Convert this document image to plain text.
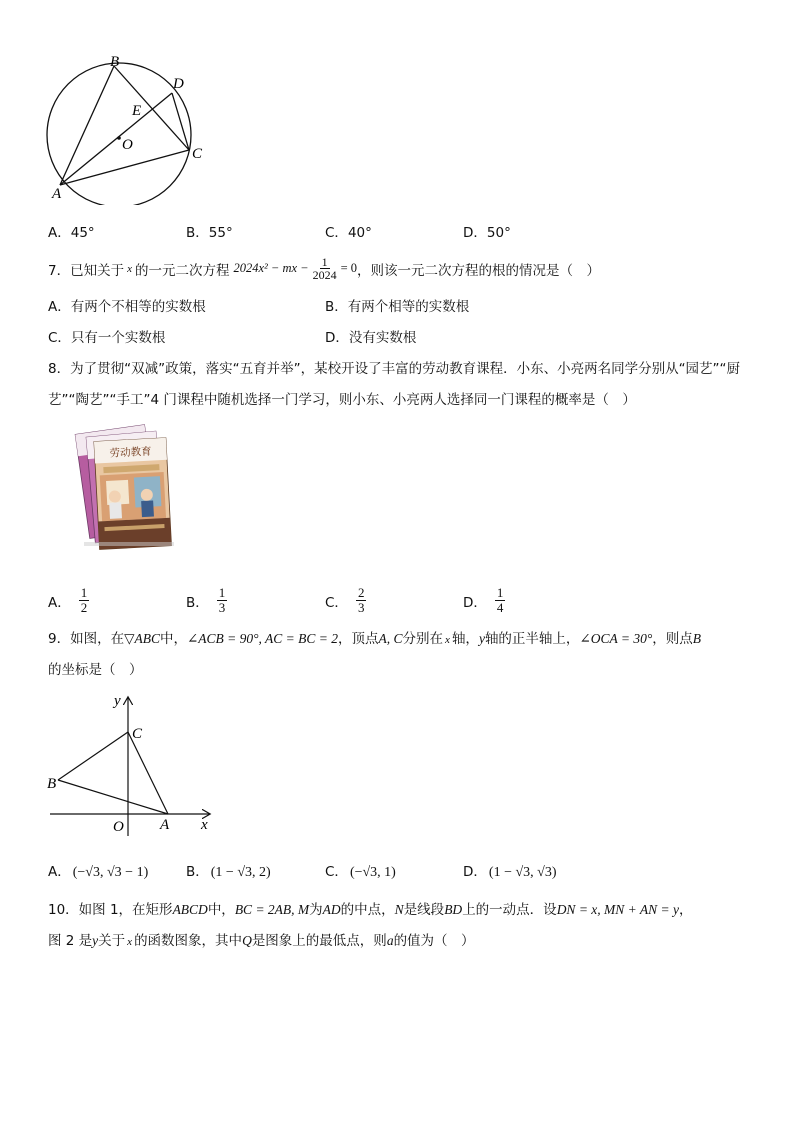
B
D
E
O
C
A
A．45°	B．55°	C．40°	D．50°
7． 已知关于 x 的一元二次方程 2024x² − mx − $\frac{1}{2024} = 0$ ，则该一元二次方程的根的情况是（　）
A．有两个不相等的实数根	B．有两个相等的实数根
C．只有一个实数根	D．没有实数根
8．为了贯彻“双减”政策，落实“五育并举”，某校开设了丰富的劳动教育课程．小东、小亮两名同学分别从“园艺”“厨
艺”“陶艺”“手工”4 门课程中随机选择一门学习，则小东、小亮两人选择同一门课程的概率是（　）
劳动教育
A． $\frac{1}{2}$	B． $\frac{1}{3}$	C． $\frac{2}{3}$	D． $\frac{1}{4}$
9．如图，在▽ABC中，∠ACB = 90°, AC = BC = 2，顶点A, C分别在 x 轴，y轴的正半轴上，∠OCA = 30°，则点B
的坐标是（　）
y
C
B
O A x
A． (−√3, √3 − 1)	B． (1 − √3, 2)	C． (−√3, 1)	D． (1 − √3, √3)
10．如图 1，在矩形ABCD中，BC = 2AB, M为AD的中点，N是线段BD上的一动点．设DN = x, MN + AN = y，
图 2 是y关于 x 的函数图象，其中Q是图象上的最低点，则a的值为（　）
